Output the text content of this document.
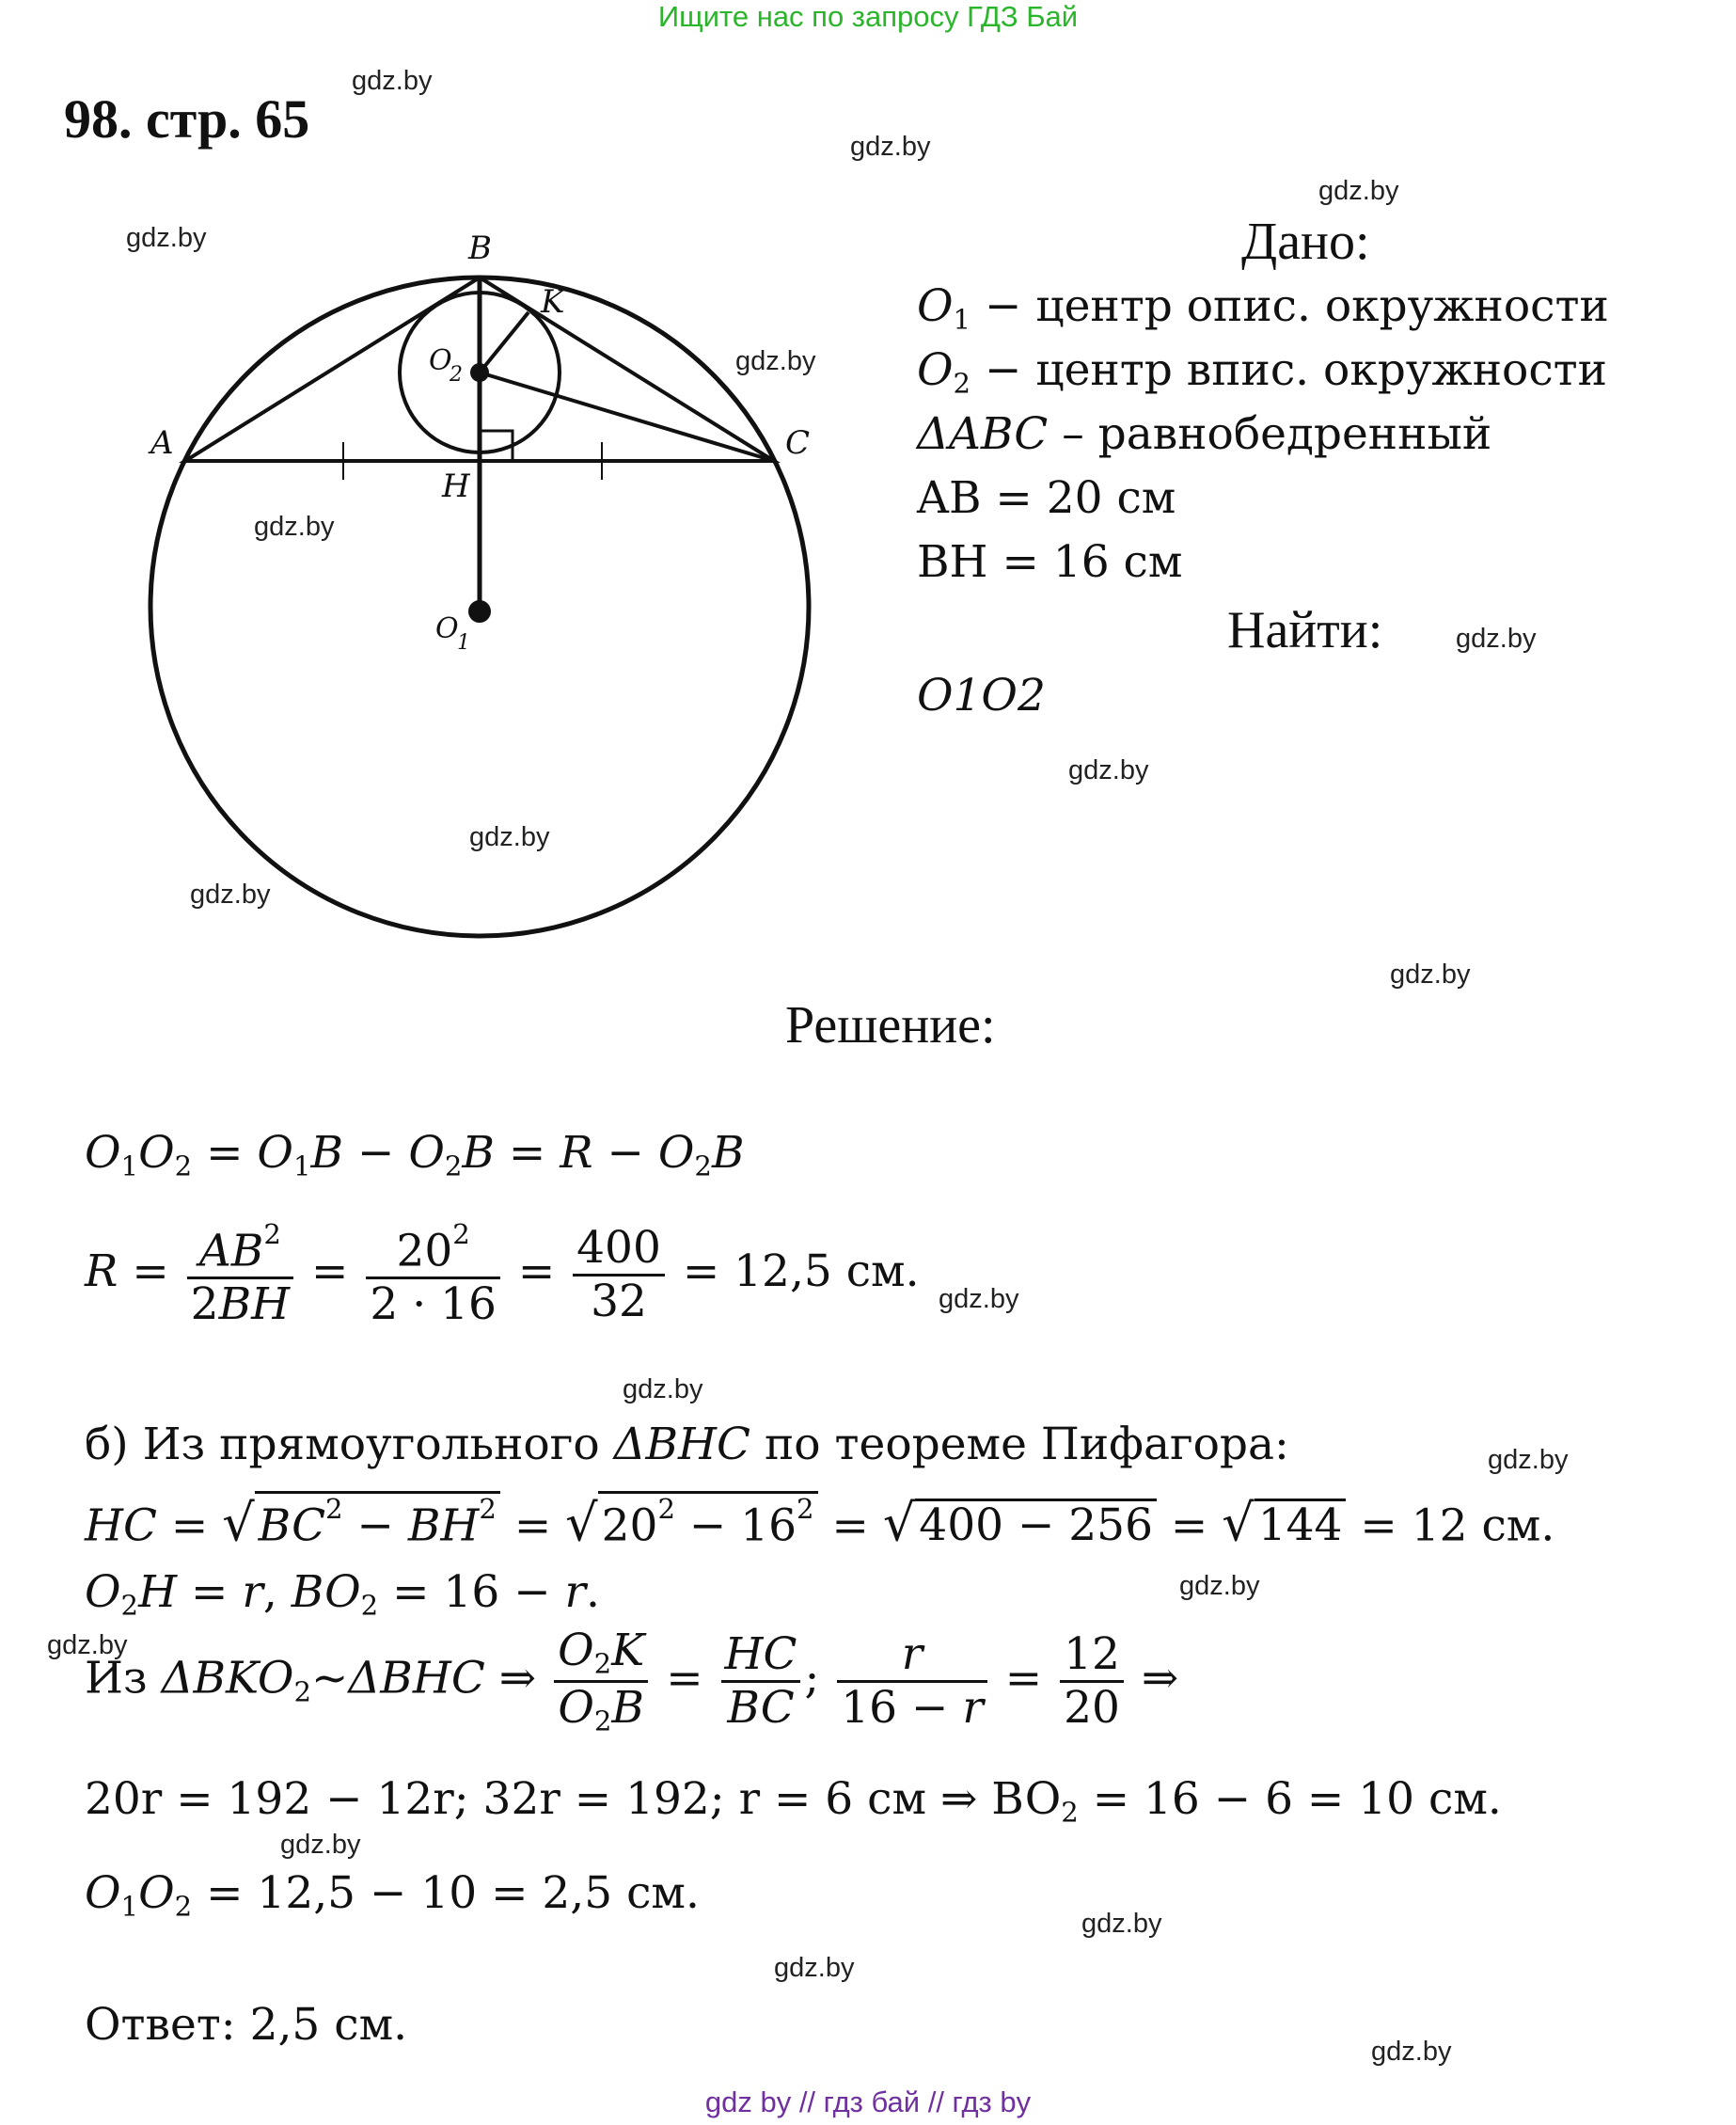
Ищите нас по запросу ГДЗ Бай
98. стр. 65
gdz.by
gdz.by
gdz.by
gdz.by
gdz.by
gdz.by
gdz.by
gdz.by
gdz.by
gdz.by
gdz.by
gdz.by
gdz.by
gdz.by
gdz.by
gdz.by
gdz.by
gdz.by
gdz.by
gdz.by
B
K
A	C
H
O
2
O
1
Дано:
$O_1$ − центр опис. окружности
$O_2$ − центр впис. окружности
ΔABC – равнобедренный
AB = 20 см
BH = 16 см
Найти:
O1O2
Решение:
$O_1O_2 = O_1B - O_2B = R - O_2B$
$R = \frac{AB^2}{2BH} = \frac{20^2}{2 \cdot 16} = \frac{400}{32} = 12,5$ см.
б) Из прямоугольного ΔBHC по теореме Пифагора:
HC = $√BC^2 - BH^2 = √20^2 - 16^2 = √400 - 256 = √144 = 12$ см.
$O_2H = r$, $BO_2 = 16 - r$.
Из $\Delta BKO_2\sim\Delta BHC$ ⇒ $\frac{O_2K}{O_2B} = \frac{HC}{BC}$ ; $\frac{r}{16 - r} = \frac{12}{20}$ ⇒
20r = 192 − 12r; 32r = 192; r = 6 см ⇒ $BO_2 = 16 - 6 = 10$ см.
$O_1O_2 = 12,5 - 10 = 2,5$ см.
Ответ: 2,5 см.
gdz by // гдз бай // гдз by
